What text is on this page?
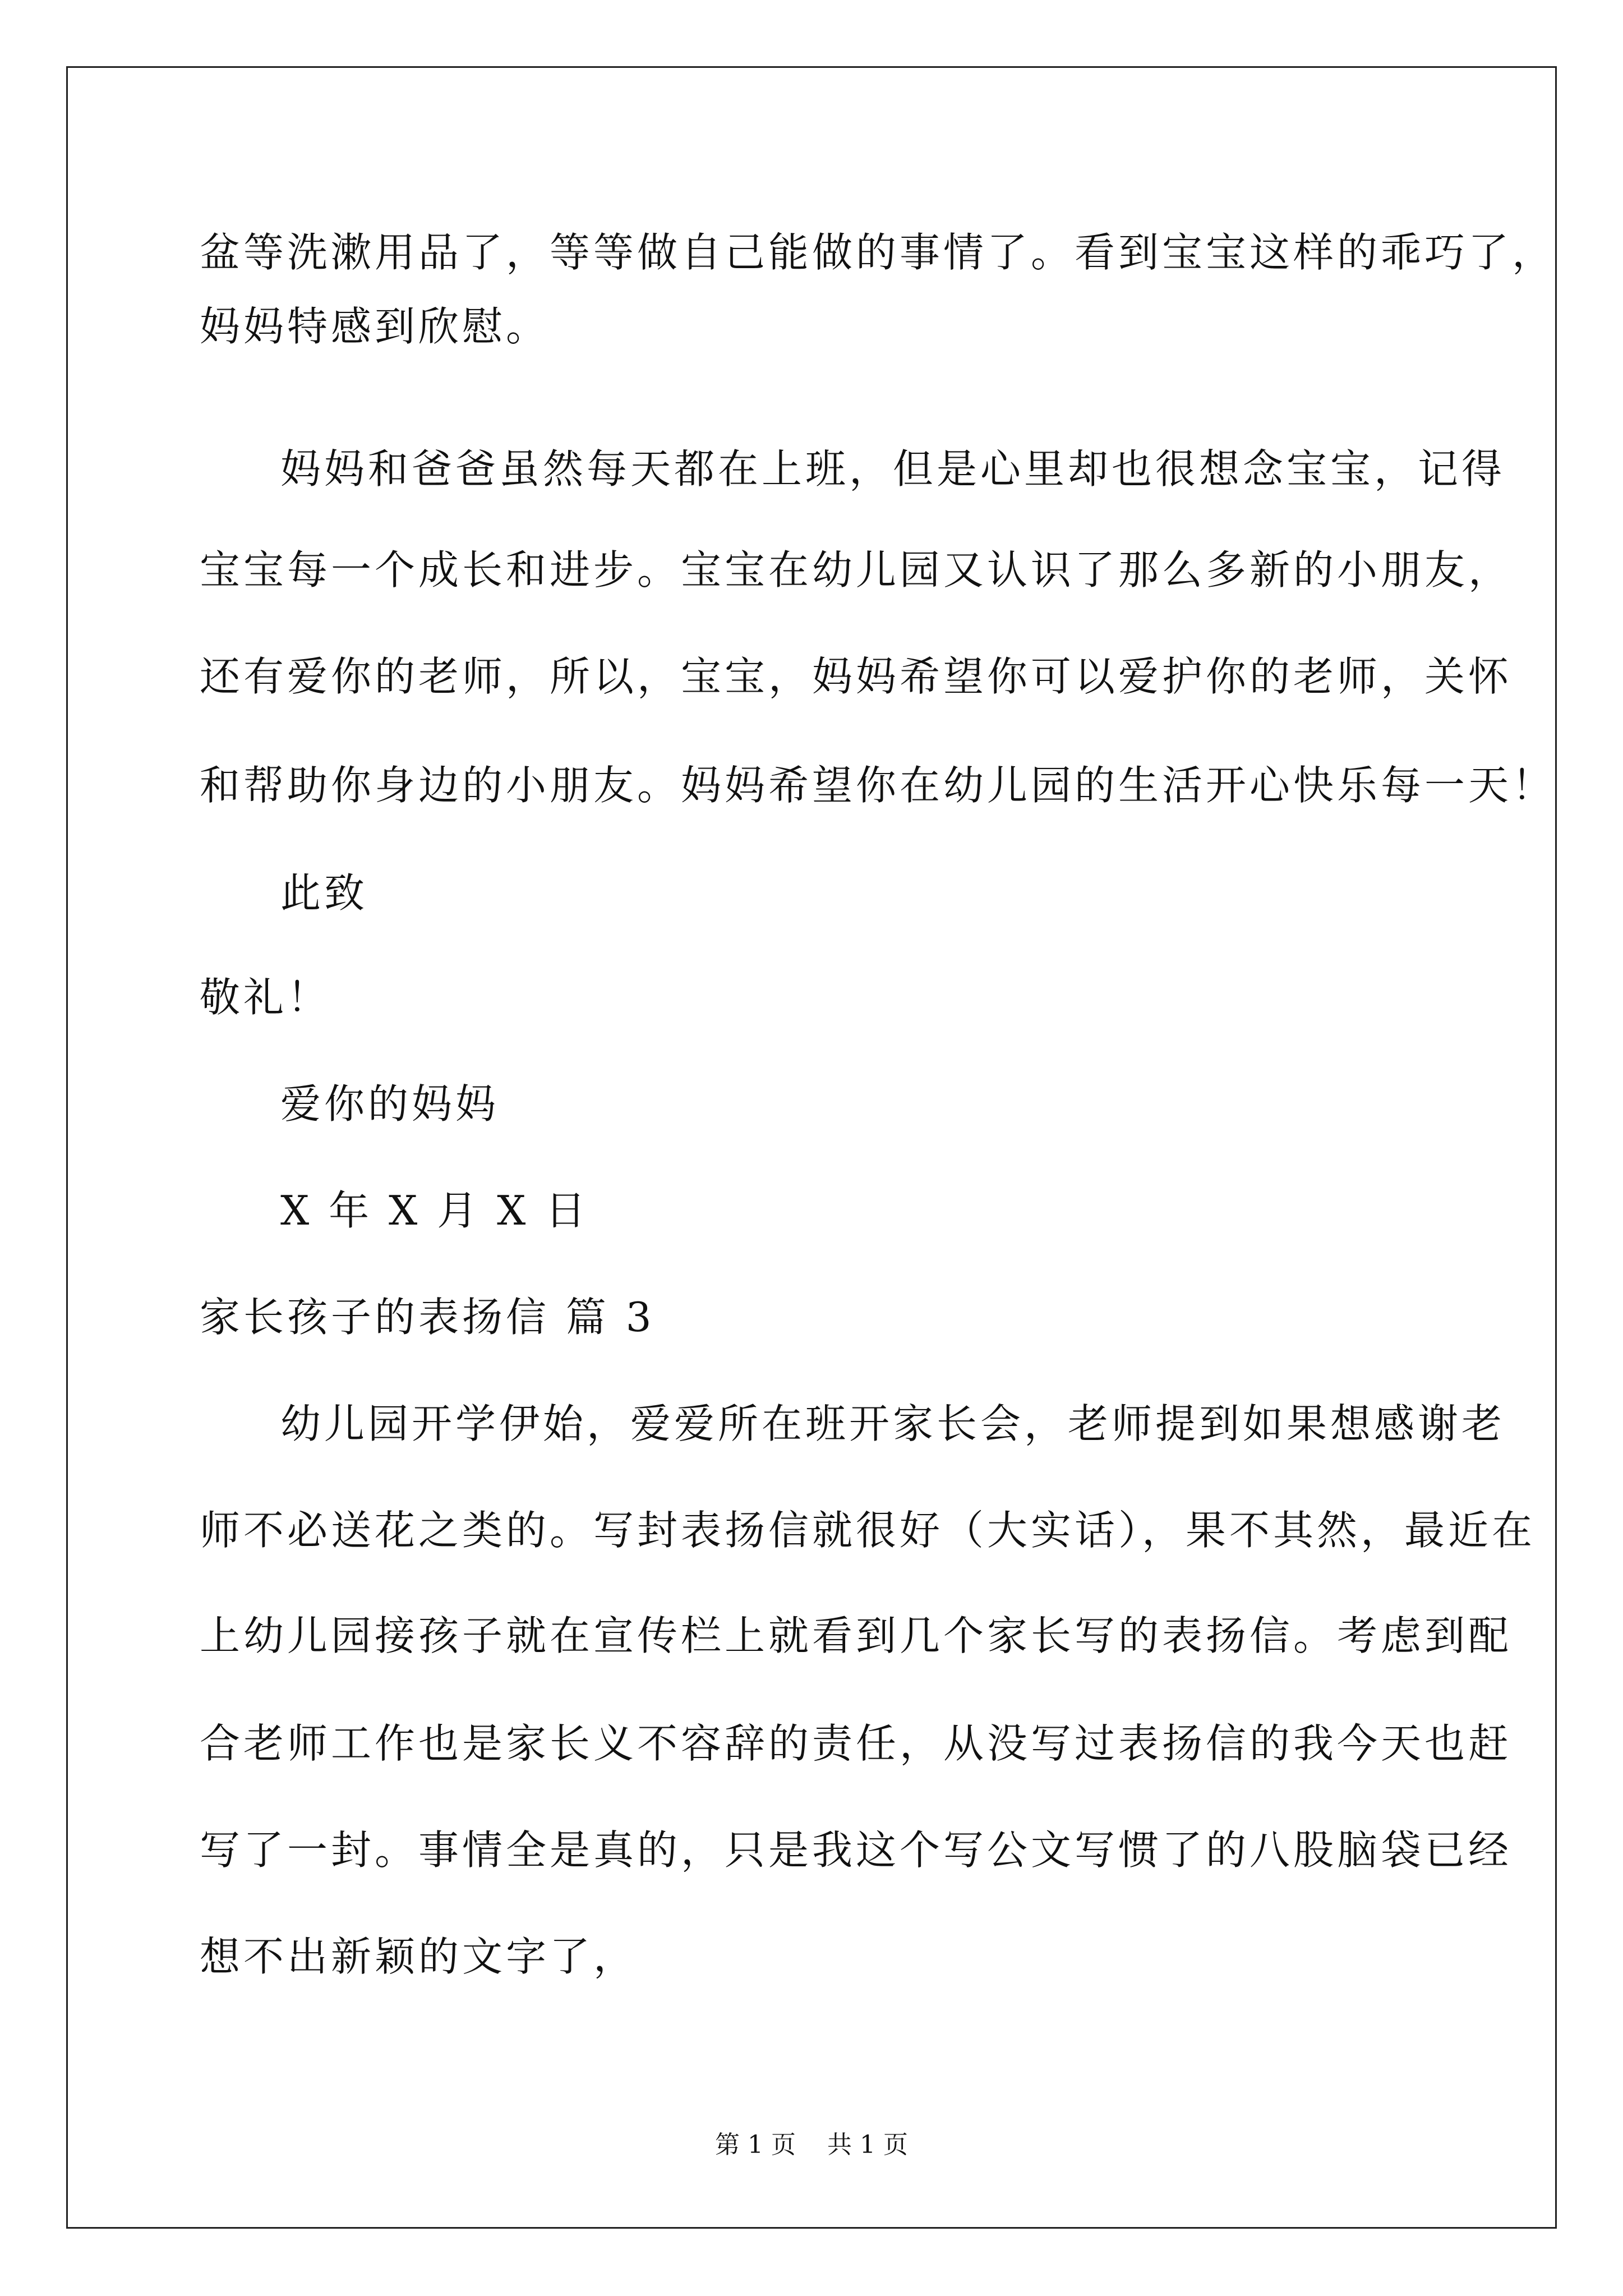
盆等洗漱用品了，等等做自己能做的事情了。看到宝宝这样的乖巧了，
妈妈特感到欣慰。
妈妈和爸爸虽然每天都在上班，但是心里却也很想念宝宝，记得
宝宝每一个成长和进步。宝宝在幼儿园又认识了那么多新的小朋友，
还有爱你的老师，所以，宝宝，妈妈希望你可以爱护你的老师，关怀
和帮助你身边的小朋友。妈妈希望你在幼儿园的生活开心快乐每一天！
此致
敬礼！
爱你的妈妈
X 年 X 月 X 日
家长孩子的表扬信 篇 3
幼儿园开学伊始，爱爱所在班开家长会，老师提到如果想感谢老
师不必送花之类的。写封表扬信就很好（大实话），果不其然，最近在
上幼儿园接孩子就在宣传栏上就看到几个家长写的表扬信。考虑到配
合老师工作也是家长义不容辞的责任，从没写过表扬信的我今天也赶
写了一封。事情全是真的，只是我这个写公文写惯了的八股脑袋已经
想不出新颖的文字了，
第 1 页 共 1 页
